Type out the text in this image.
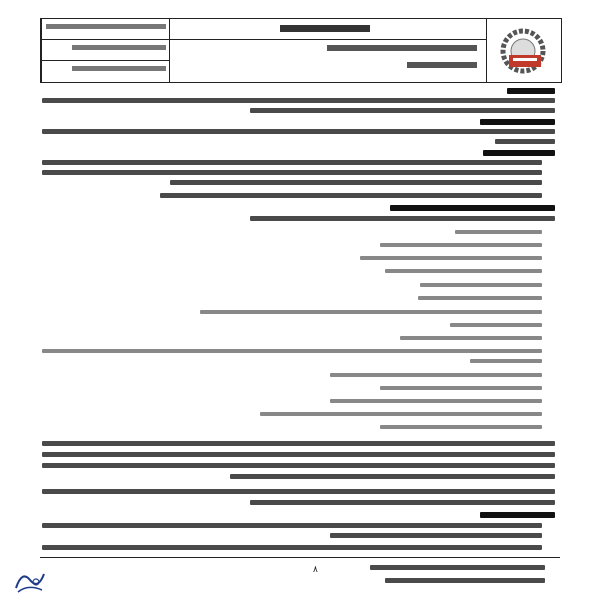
۸
